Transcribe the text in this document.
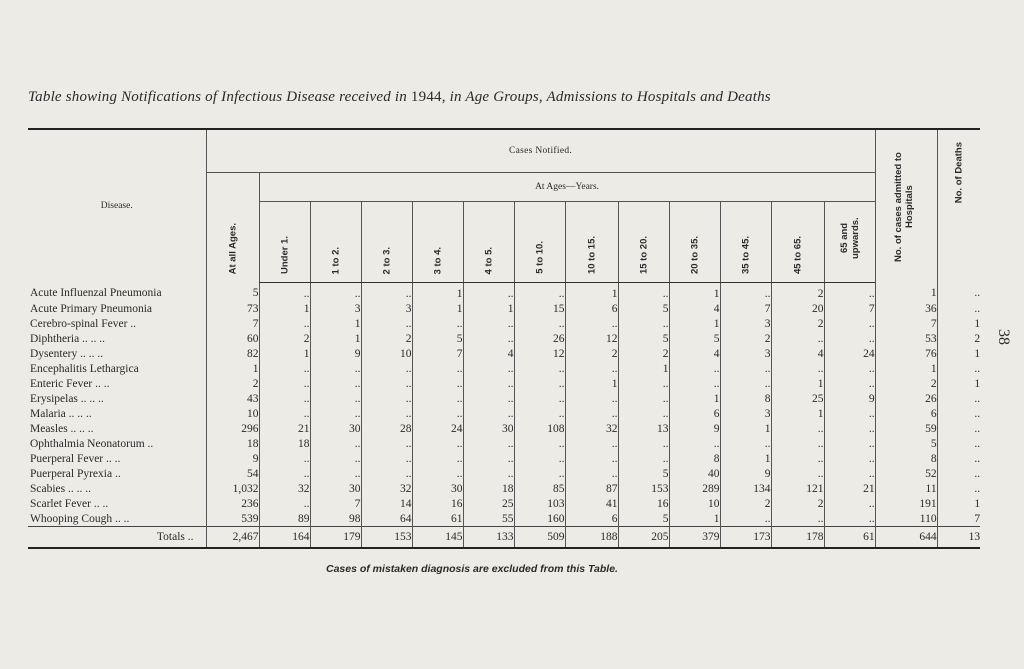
Table showing Notifications of Infectious Disease received in 1944, in Age Groups, Admissions to Hospitals and Deaths
38
Disease.	Cases Notified.													No. of cases admitted to Hospitals	No. of Deaths

	At all Ages.	At Ages—Years.													

		Under 1.	1 to 2.	2 to 3.	3 to 4.	4 to 5.	5 to 10.	10 to 15.	15 to 20.	20 to 35.	35 to 45.	45 to 65.	65 and upwards.		

Acute Influenzal Pneumonia	5	..	..	..	1	..	..	1	..	1	..	2	..	1	..
Acute Primary Pneumonia	73	1	3	3	1	1	15	6	5	4	7	20	7	36	..
Cerebro-spinal Fever ..	7	..	1	..	..	..	..	..	..	1	3	2	..	7	1
Diphtheria .. .. ..	60	2	1	2	5	..	26	12	5	5	2	..	..	53	2
Dysentery .. .. ..	82	1	9	10	7	4	12	2	2	4	3	4	24	76	1
Encephalitis Lethargica	1	..	..	..	..	..	..	..	1	..	..	..	..	1	..
Enteric Fever .. ..	2	..	..	..	..	..	..	1	..	..	..	1	..	2	1
Erysipelas .. .. ..	43	..	..	..	..	..	..	..	..	1	8	25	9	26	..
Malaria .. .. ..	10	..	..	..	..	..	..	..	..	6	3	1	..	6	..
Measles .. .. ..	296	21	30	28	24	30	108	32	13	9	1	..	..	59	..
Ophthalmia Neonatorum ..	18	18	..	..	..	..	..	..	..	..	..	..	..	5	..
Puerperal Fever .. ..	9	..	..	..	..	..	..	..	..	8	1	..	..	8	..
Puerperal Pyrexia ..	54	..	..	..	..	..	..	..	5	40	9	..	..	52	..
Scabies .. .. ..	1,032	32	30	32	30	18	85	87	153	289	134	121	21	11	..
Scarlet Fever .. ..	236	..	7	14	16	25	103	41	16	10	2	2	..	191	1
Whooping Cough .. ..	539	89	98	64	61	55	160	6	5	1	..	..	..	110	7
Totals ..	2,467	164	179	153	145	133	509	188	205	379	173	178	61	644	13
Cases of mistaken diagnosis are excluded from this Table.
